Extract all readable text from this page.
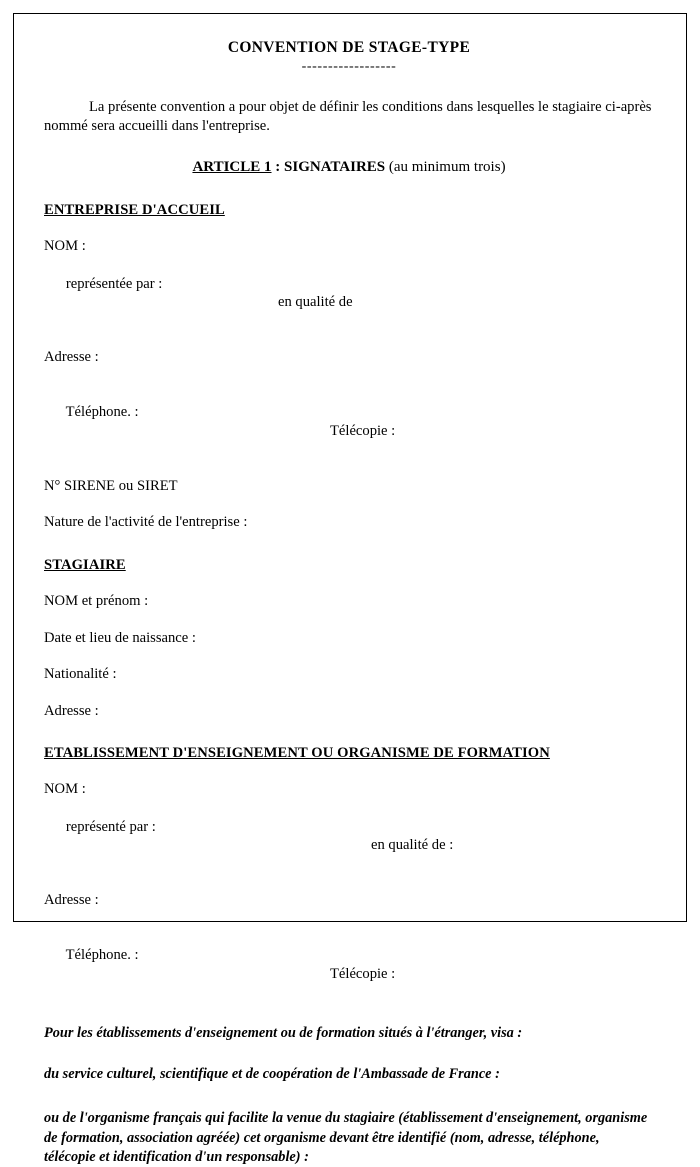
CONVENTION DE STAGE-TYPE
------------------

La présente convention a pour objet de définir les conditions dans lesquelles le stagiaire ci-après nommé sera accueilli dans l'entreprise.

ARTICLE 1 : SIGNATAIRES (au minimum trois)
ENTREPRISE D'ACCUEIL
NOM :

représentée par :

en qualité de

Adresse :

Téléphone. :

Télécopie :

N° SIRENE ou SIRET
Nature de l'activité de l'entreprise :
STAGIAIRE
NOM et prénom :
Date et lieu de naissance :
Nationalité :
Adresse :
ETABLISSEMENT D'ENSEIGNEMENT OU ORGANISME DE FORMATION
NOM :

représenté par :

en qualité de :

Adresse :

Téléphone. :

Télécopie :

Pour les établissements d'enseignement ou de formation situés à l'étranger, visa :

du service culturel, scientifique et de coopération de l'Ambassade de France :

ou de l'organisme français qui facilite la venue du stagiaire (établissement d'enseignement, organisme de formation, association agréée) cet organisme devant être identifié (nom, adresse, téléphone, télécopie et identification d'un responsable) :
